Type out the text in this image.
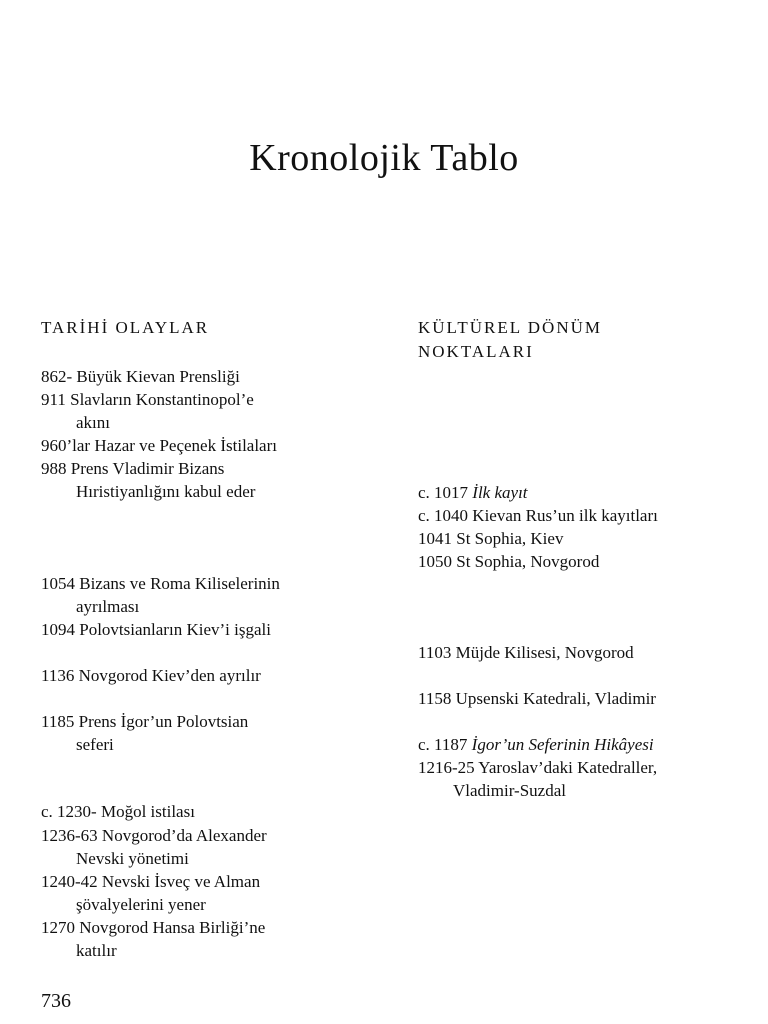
Kronolojik Tablo
TARİHİ OLAYLAR

862- Büyük Kievan Prensliği

911 Slavların Konstantinopol’e
akını

960’lar Hazar ve Peçenek İstilaları

988 Prens Vladimir Bizans
Hıristiyanlığını kabul eder

1054 Bizans ve Roma Kiliselerinin
ayrılması

1094 Polovtsianların Kiev’i işgali

1136 Novgorod Kiev’den ayrılır

1185 Prens İgor’un Polovtsian
seferi

c. 1230- Moğol istilası

1236-63 Novgorod’da Alexander
Nevski yönetimi

1240-42 Nevski İsveç ve Alman
şövalyelerini yener

1270 Novgorod Hansa Birliği’ne
katılır

KÜLTÜREL DÖNÜM
NOKTALARI

c. 1017 İlk kayıt

c. 1040 Kievan Rus’un ilk kayıtları

1041 St Sophia, Kiev

1050 St Sophia, Novgorod

1103 Müjde Kilisesi, Novgorod

1158 Upsenski Katedrali, Vladimir

c. 1187 İgor’un Seferinin Hikâyesi

1216-25 Yaroslav’daki Katedraller,
Vladimir-Suzdal

736
